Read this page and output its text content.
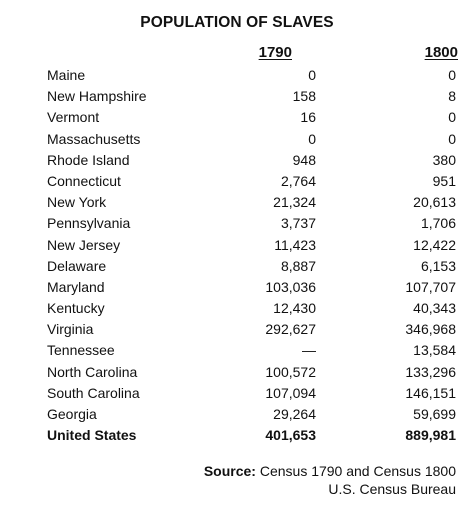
POPULATION OF SLAVES
1790	1800
Maine	0	0
New Hampshire	158	8
Vermont	16	0
Massachusetts	0	0
Rhode Island	948	380
Connecticut	2,764	951
New York	21,324	20,613
Pennsylvania	3,737	1,706
New Jersey	11,423	12,422
Delaware	8,887	6,153
Maryland	103,036	107,707
Kentucky	12,430	40,343
Virginia	292,627	346,968
Tennessee	—	13,584
North Carolina	100,572	133,296
South Carolina	107,094	146,151
Georgia	29,264	59,699
United States	401,653	889,981
Source: Census 1790 and Census 1800
U.S. Census Bureau
